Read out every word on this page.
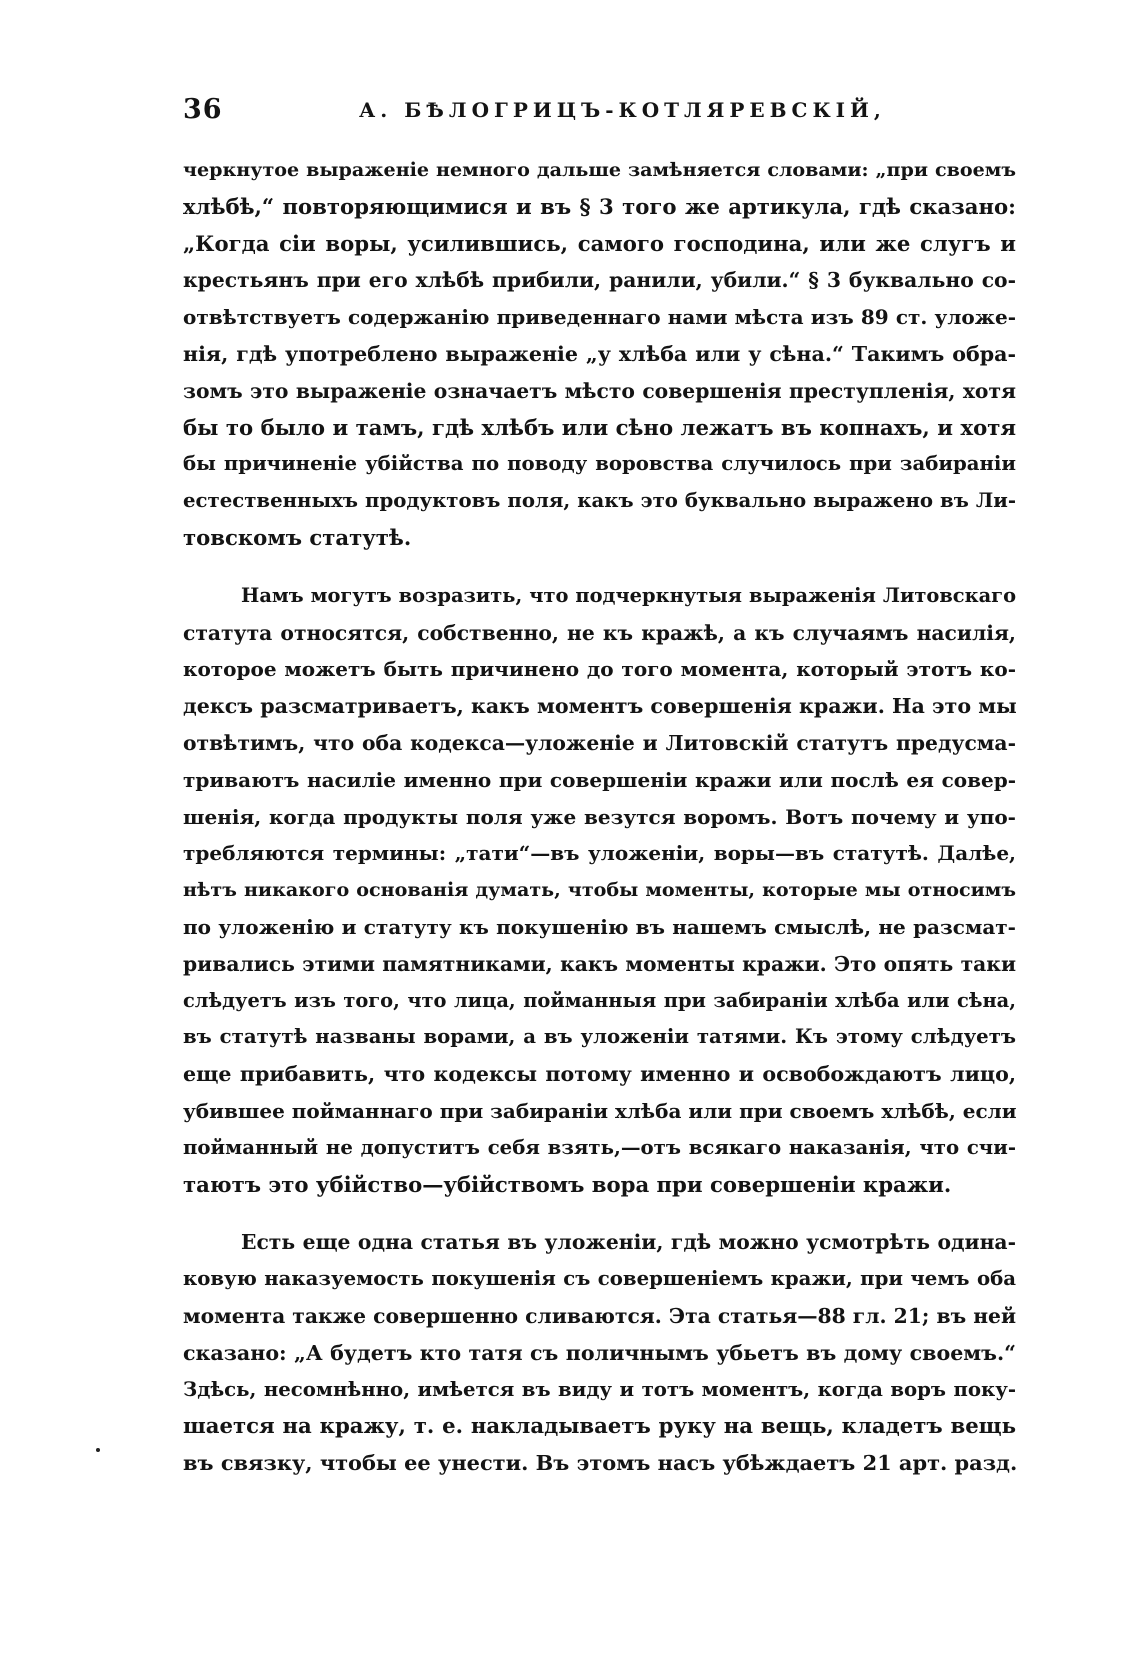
36	А. БѢЛОГРИЦЪ-КОТЛЯРЕВСКІЙ,

черкнутое выраженіе немного дальше замѣняется словами: „при своемъ
хлѣбѣ,“ повторяющимися и въ § 3 того же артикула, гдѣ сказано:
„Когда сіи воры, усилившись, самого господина, или же слугъ и
крестьянъ при его хлѣбѣ прибили, ранили, убили.“ § 3 буквально со-
отвѣтствуетъ содержанію приведеннаго нами мѣста изъ 89 ст. уложе-
нія, гдѣ употреблено выраженіе „у хлѣба или у сѣна.“ Такимъ обра-
зомъ это выраженіе означаетъ мѣсто совершенія преступленія, хотя
бы то было и тамъ, гдѣ хлѣбъ или сѣно лежатъ въ копнахъ, и хотя
бы причиненіе убійства по поводу воровства случилось при забираніи
естественныхъ продуктовъ поля, какъ это буквально выражено въ Ли-
товскомъ статутѣ.

Намъ могутъ возразить, что подчеркнутыя выраженія Литовскаго
статута относятся, собственно, не къ кражѣ, а къ случаямъ насилія,
которое можетъ быть причинено до того момента, который этотъ ко-
дексъ разсматриваетъ, какъ моментъ совершенія кражи. На это мы
отвѣтимъ, что оба кодекса—уложеніе и Литовскій статутъ предусма-
триваютъ насиліе именно при совершеніи кражи или послѣ ея совер-
шенія, когда продукты поля уже везутся воромъ. Вотъ почему и упо-
требляются термины: „тати“—въ уложеніи, воры—въ статутѣ. Далѣе,
нѣтъ никакого основанія думать, чтобы моменты, которые мы относимъ
по уложенію и статуту къ покушенію въ нашемъ смыслѣ, не разсмат-
ривались этими памятниками, какъ моменты кражи. Это опять таки
слѣдуетъ изъ того, что лица, пойманныя при забираніи хлѣба или сѣна,
въ статутѣ названы ворами, а въ уложеніи татями. Къ этому слѣдуетъ
еще прибавить, что кодексы потому именно и освобождаютъ лицо,
убившее пойманнаго при забираніи хлѣба или при своемъ хлѣбѣ, если
пойманный не допуститъ себя взять,—отъ всякаго наказанія, что счи-
таютъ это убійство—убійствомъ вора при совершеніи кражи.

Есть еще одна статья въ уложеніи, гдѣ можно усмотрѣть одина-
ковую наказуемость покушенія съ совершеніемъ кражи, при чемъ оба
момента также совершенно сливаются. Эта статья—88 гл. 21; въ ней
сказано: „А будетъ кто татя съ поличнымъ убьетъ въ дому своемъ.“
Здѣсь, несомнѣнно, имѣется въ виду и тотъ моментъ, когда воръ поку-
шается на кражу, т. е. накладываетъ руку на вещь, кладетъ вещь
въ связку, чтобы ее унести. Въ этомъ насъ убѣждаетъ 21 арт. разд.
